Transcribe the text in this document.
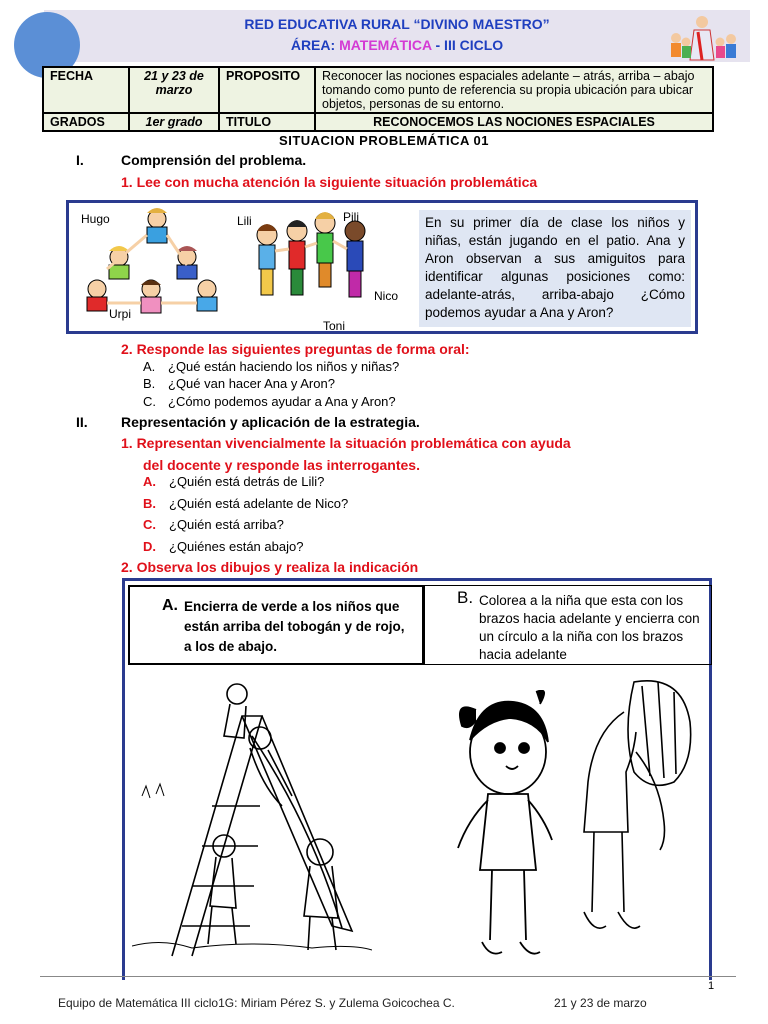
RED EDUCATIVA RURAL “DIVINO MAESTRO”
ÁREA: MATEMÁTICA - III CICLO
FECHA	21 y 23 de marzo	PROPOSITO	Reconocer las nociones espaciales adelante – atrás, arriba – abajo tomando como punto de referencia su propia ubicación para ubicar objetos, personas de su entorno.
GRADOS	1er grado	TITULO	RECONOCEMOS LAS NOCIONES ESPACIALES
SITUACION PROBLEMÁTICA 01
I.	Comprensión del problema.
1. Lee con mucha atención la siguiente situación problemática
Hugo
Urpi
Lili	Pili
Nico
Toni
En su primer día de clase los niños y niñas, están jugando en el patio. Ana y Aron observan a sus amiguitos para identificar algunas posiciones como: adelante-atrás, arriba-abajo ¿Cómo podemos ayudar a Ana y Aron?
2. Responde las siguientes preguntas de forma oral:
A. ¿Qué están haciendo los niños y niñas?
B. ¿Qué van hacer Ana y Aron?
C. ¿Cómo podemos ayudar a Ana y Aron?
II. Representación y aplicación de la estrategia.
1. Representan vivencialmente la situación problemática con ayuda
del docente y responde las interrogantes.
A. ¿Quién está detrás de Lili?
B. ¿Quién está adelante de Nico?
C. ¿Quién está arriba?
D. ¿Quiénes están abajo?
2. Observa los dibujos y realiza la indicación
A. Encierra de verde a los niños que están arriba del tobogán y de rojo, a los de abajo.
B. Colorea a la niña que esta con los brazos hacia adelante y encierra con un círculo a la niña con los brazos hacia adelante
1
Equipo de Matemática III ciclo1G: Miriam Pérez S. y Zulema Goicochea C.	21 y 23 de marzo
